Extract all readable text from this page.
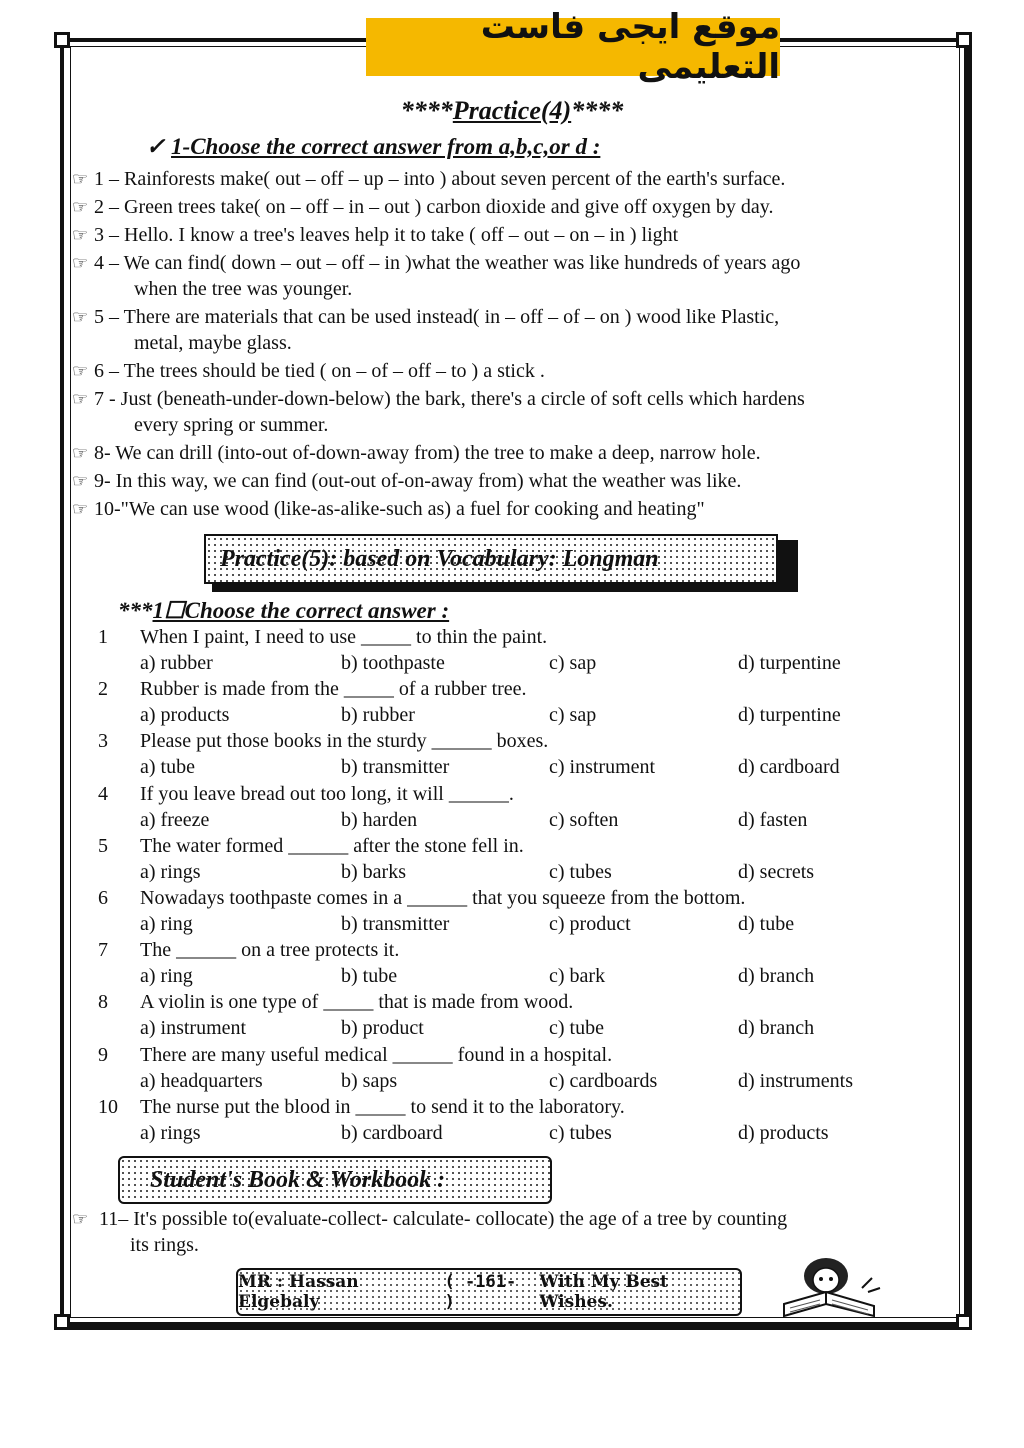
موقع ايجى فاست التعليمى
****Practice(4)****
✓ 1-Choose the correct answer from a,b,c,or d :
☞ 1 – Rainforests make( out – off – up – into ) about seven percent of the earth's surface.
☞ 2 – Green trees take( on – off – in – out ) carbon dioxide and give off oxygen by day.
☞ 3 – Hello. I know a tree's leaves help it to take ( off – out – on – in ) light
☞ 4 – We can find( down – out – off – in )what the weather was like hundreds of years ago
when the tree was younger.
☞ 5 – There are materials that can be used instead( in – off – of – on ) wood like Plastic,
metal, maybe glass.
☞ 6 – The trees should be tied ( on – of – off – to ) a stick .
☞ 7 - Just (beneath-under-down-below) the bark, there's a circle of soft cells which hardens
every spring or summer.
☞ 8- We can drill (into-out of-down-away from) the tree to make a deep, narrow hole.
☞ 9- In this way, we can find (out-out of-on-away from) what the weather was like.
☞ 10-"We can use wood (like-as-alike-such as) a fuel for cooking and heating"
Practice(5): based on Vocabulary: Longman
***1☐Choose the correct answer :
1 When I paint, I need to use _____ to thin the paint.
a) rubber	b) toothpaste	c) sap	d) turpentine
2 Rubber is made from the _____ of a rubber tree.
a) products	b) rubber	c) sap	d) turpentine
3 Please put those books in the sturdy ______ boxes.
a) tube	b) transmitter	c) instrument	d) cardboard
4 If you leave bread out too long, it will ______.
a) freeze	b) harden	c) soften	d) fasten
5 The water formed ______ after the stone fell in.
a) rings	b) barks	c) tubes	d) secrets
6 Nowadays toothpaste comes in a ______ that you squeeze from the bottom.
a) ring	b) transmitter	c) product	d) tube
7 The ______ on a tree protects it.
a) ring	b) tube	c) bark	d) branch
8 A violin is one type of _____ that is made from wood.
a) instrument	b) product	c) tube	d) branch
9 There are many useful medical ______ found in a hospital.
a) headquarters	b) saps	c) cardboards	d) instruments
10 The nurse put the blood in _____ to send it to the laboratory.
a) rings	b) cardboard	c) tubes	d) products
Student's Book & Workbook :
☞ 11– It's possible to(evaluate-collect- calculate- collocate) the age of a tree by counting
its rings.
MR : Hassan Elgebaly
( -161- )
With My Best Wishes.
